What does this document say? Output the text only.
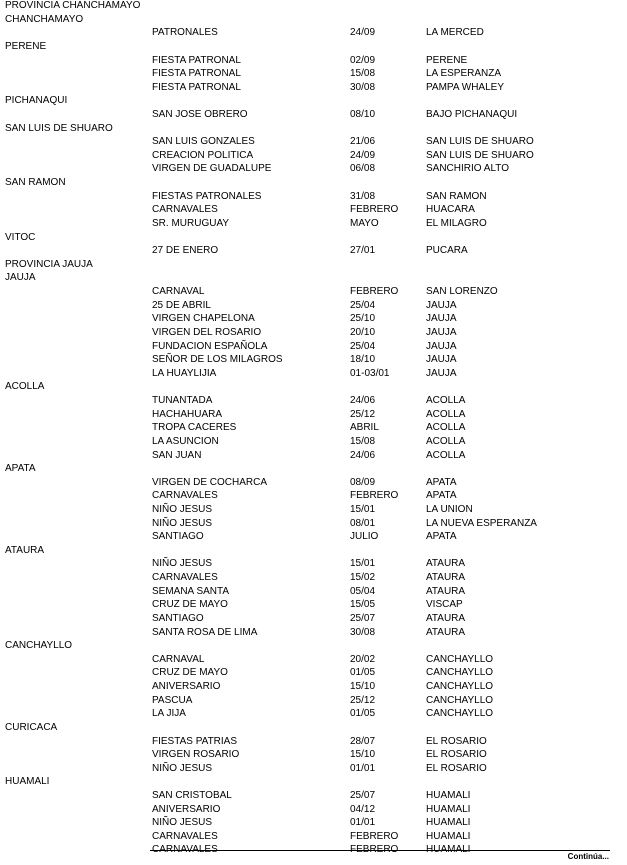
PROVINCIA CHANCHAMAYO
CHANCHAMAYO
PATRONALES	24/09	LA MERCED
PERENE
FIESTA PATRONAL	02/09	PERENE
FIESTA PATRONAL	15/08	LA ESPERANZA
FIESTA PATRONAL	30/08	PAMPA WHALEY
PICHANAQUI
SAN JOSE OBRERO	08/10	BAJO PICHANAQUI
SAN LUIS DE SHUARO
SAN LUIS GONZALES	21/06	SAN LUIS DE SHUARO
CREACION POLITICA	24/09	SAN LUIS DE SHUARO
VIRGEN DE GUADALUPE	06/08	SANCHIRIO ALTO
SAN RAMON
FIESTAS PATRONALES	31/08	SAN RAMON
CARNAVALES	FEBRERO	HUACARA
SR. MURUGUAY	MAYO	EL MILAGRO
VITOC
27 DE ENERO	27/01	PUCARA
PROVINCIA JAUJA
JAUJA
CARNAVAL	FEBRERO	SAN LORENZO
25 DE ABRIL	25/04	JAUJA
VIRGEN CHAPELONA	25/10	JAUJA
VIRGEN DEL ROSARIO	20/10	JAUJA
FUNDACION ESPAÑOLA	25/04	JAUJA
SEÑOR DE LOS MILAGROS	18/10	JAUJA
LA HUAYLIJIA	01-03/01	JAUJA
ACOLLA
TUNANTADA	24/06	ACOLLA
HACHAHUARA	25/12	ACOLLA
TROPA CACERES	ABRIL	ACOLLA
LA ASUNCION	15/08	ACOLLA
SAN JUAN	24/06	ACOLLA
APATA
VIRGEN DE COCHARCA	08/09	APATA
CARNAVALES	FEBRERO	APATA
NIÑO JESUS	15/01	LA UNION
NIÑO JESUS	08/01	LA NUEVA ESPERANZA
SANTIAGO	JULIO	APATA
ATAURA
NIÑO JESUS	15/01	ATAURA
CARNAVALES	15/02	ATAURA
SEMANA SANTA	05/04	ATAURA
CRUZ DE MAYO	15/05	VISCAP
SANTIAGO	25/07	ATAURA
SANTA ROSA DE LIMA	30/08	ATAURA
CANCHAYLLO
CARNAVAL	20/02	CANCHAYLLO
CRUZ DE MAYO	01/05	CANCHAYLLO
ANIVERSARIO	15/10	CANCHAYLLO
PASCUA	25/12	CANCHAYLLO
LA JIJA	01/05	CANCHAYLLO
CURICACA
FIESTAS PATRIAS	28/07	EL ROSARIO
VIRGEN ROSARIO	15/10	EL ROSARIO
NIÑO JESUS	01/01	EL ROSARIO
HUAMALI
SAN CRISTOBAL	25/07	HUAMALI
ANIVERSARIO	04/12	HUAMALI
NIÑO JESUS	01/01	HUAMALI
CARNAVALES	FEBRERO	HUAMALI
CARNAVALES	FEBRERO	HUAMALI
Continúa...
